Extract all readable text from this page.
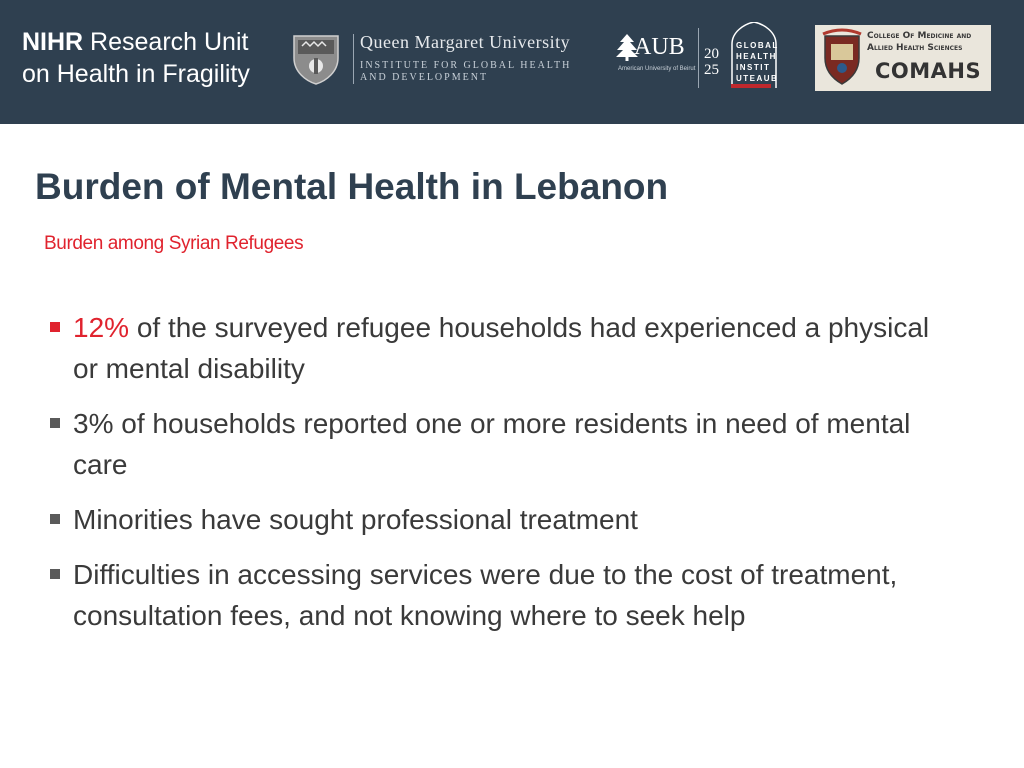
NIHR Research Unit
on Health in Fragility
Queen Margaret University
INSTITUTE FOR GLOBAL HEALTH
AND DEVELOPMENT
AUB
American University of Beirut
20
25
GLOBAL
HEALTH
INSTIT
UTEAUB
College Of Medicine and
Allied Health Sciences
COMAHS
Burden of Mental Health in Lebanon
Burden among Syrian Refugees
12% of the surveyed refugee households had experienced a physical or mental disability
3% of households reported one or more residents in need of mental care
Minorities have sought professional treatment
Difficulties in accessing services were due to the cost of treatment, consultation fees, and not knowing where to seek help
